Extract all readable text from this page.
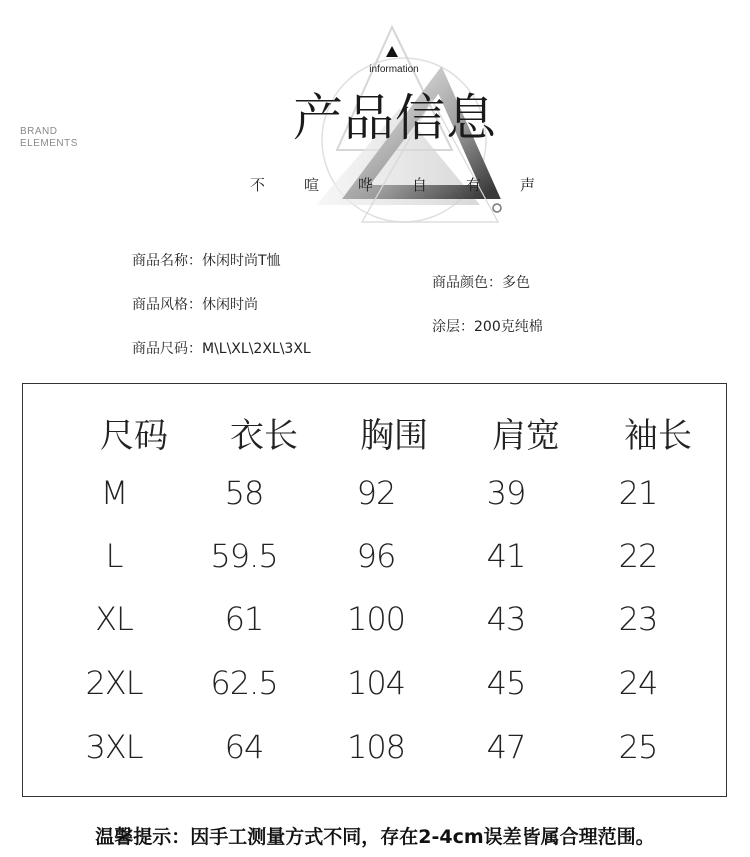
BRAND
ELEMENTS
information
产品信息
不	喧	哗	自	有	声
商品名称：休闲时尚T恤
商品风格：休闲时尚
商品尺码：M\L\XL\2XL\3XL
商品颜色：多色
涂层：200克纯棉
尺码	衣长	胸围	肩宽	袖长
M	58	92	39	21
L	59.5	96	41	22
XL	61	100	43	23
2XL	62.5	104	45	24
3XL	64	108	47	25
温馨提示：因手工测量方式不同，存在2-4cm误差皆属合理范围。
